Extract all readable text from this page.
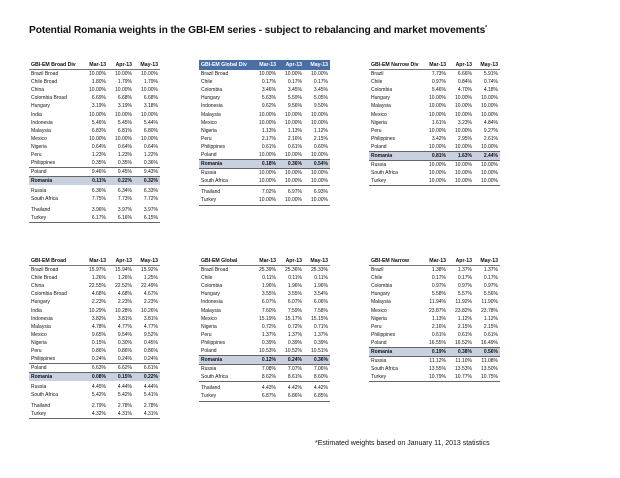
Potential Romania weights in the GBI-EM series - subject to rebalancing and market movements*
GBI-EM Broad Div	Mar-13	Apr-13	May-13
Brazil Broad	10.00%	10.00%	10.00%
Chile Broad	1.80%	1.79%	1.79%
China	10.00%	10.00%	10.00%
Colombia Broad	6.69%	6.68%	6.68%
Hungary	3.19%	3.19%	3.18%
India	10.00%	10.00%	10.00%
Indonesia	5.46%	5.45%	5.44%
Malaysia	6.83%	6.81%	6.80%
Mexico	10.00%	10.00%	10.00%
Nigeria	0.64%	0.64%	0.64%
Peru	1.23%	1.23%	1.22%
Philippines	0.35%	0.35%	0.36%
Poland	9.46%	9.45%	9.43%
Romania	0.11%	0.22%	0.32%
Russia	6.36%	6.34%	6.33%
South Africa	7.75%	7.73%	7.72%
Thailand	3.96%	3.97%	3.97%
Turkey	6.17%	6.16%	6.15%
GBI-EM Global Div	Mar-13	Apr-13	May-13
Brazil Broad	10.00%	10.00%	10.00%
Chile	0.17%	0.17%	0.17%
Colombia	3.46%	3.45%	3.45%
Hungary	5.63%	5.59%	5.05%
Indonesia	9.62%	9.56%	9.50%
Malaysia	10.00%	10.00%	10.00%
Mexico	10.00%	10.00%	10.00%
Nigeria	1.13%	1.13%	1.12%
Peru	2.17%	2.16%	2.15%
Philippines	0.61%	0.61%	0.60%
Poland	10.00%	10.00%	10.00%
Romania	0.18%	0.36%	0.54%
Russia	10.00%	10.00%	10.00%
South Africa	10.00%	10.00%	10.00%
Thailand	7.02%	6.97%	6.93%
Turkey	10.00%	10.00%	10.00%
GBI-EM Narrow Div	Mar-13	Apr-13	May-13
Brazil	7.73%	6.66%	5.91%
Chile	0.97%	0.84%	0.74%
Colombia	5.46%	4.70%	4.18%
Hungary	10.00%	10.00%	10.00%
Malaysia	10.00%	10.00%	10.00%
Mexico	10.00%	10.00%	10.00%
Nigeria	1.61%	3.23%	4.84%
Peru	10.00%	10.00%	9.27%
Philippines	3.42%	2.95%	2.61%
Poland	10.00%	10.00%	10.00%
Romania	0.81%	1.63%	2.44%
Russia	10.00%	10.00%	10.00%
South Africa	10.00%	10.00%	10.00%
Turkey	10.00%	10.00%	10.00%
GBI-EM Broad	Mar-13	Apr-13	May-13
Brazil Broad	15.97%	15.94%	15.92%
Chile Broad	1.26%	1.26%	1.25%
China	22.55%	22.52%	22.49%
Colombia Broad	4.68%	4.68%	4.67%
Hungary	2.23%	2.23%	2.23%
India	10.29%	10.28%	10.26%
Indonesia	3.82%	3.81%	3.81%
Malaysia	4.78%	4.77%	4.77%
Mexico	9.65%	9.54%	9.52%
Nigeria	0.15%	0.30%	0.45%
Peru	0.86%	0.86%	0.86%
Philippines	0.24%	0.24%	0.24%
Poland	6.63%	6.62%	6.61%
Romania	0.08%	0.15%	0.22%
Russia	4.45%	4.44%	4.44%
South Africa	5.42%	5.42%	5.41%
Thailand	2.79%	2.78%	2.78%
Turkey	4.32%	4.31%	4.31%
GBI-EM Global	Mar-13	Apr-13	May-13
Brazil Broad	25.39%	25.36%	25.33%
Chile	0.11%	0.11%	0.11%
Colombia	1.96%	1.96%	1.96%
Hungary	3.55%	3.55%	3.54%
Indonesia	6.07%	6.07%	6.06%
Malaysia	7.60%	7.59%	7.58%
Mexico	15.19%	15.17%	15.15%
Nigeria	0.72%	0.72%	0.71%
Peru	1.37%	1.37%	1.37%
Philippines	0.39%	0.39%	0.39%
Poland	10.53%	10.52%	10.51%
Romania	0.12%	0.24%	0.36%
Russia	7.08%	7.07%	7.06%
South Africa	8.62%	8.61%	8.60%
Thailand	4.43%	4.42%	4.42%
Turkey	6.87%	6.86%	6.85%
GBI-EM Narrow	Mar-13	Apr-13	May-13
Brazil	1.38%	1.37%	1.37%
Chile	0.17%	0.17%	0.17%
Colombia	0.97%	0.97%	0.97%
Hungary	5.58%	5.57%	5.56%
Malaysia	11.94%	11.92%	11.90%
Mexico	23.87%	23.82%	23.78%
Nigeria	1.13%	1.12%	1.12%
Peru	2.16%	2.15%	2.15%
Philippines	0.61%	0.61%	0.61%
Poland	16.55%	16.52%	16.49%
Romania	0.19%	0.38%	0.56%
Russia	11.12%	11.10%	11.08%
South Africa	13.55%	13.53%	13.50%
Turkey	10.79%	10.77%	10.75%
*Estimated weights based on January 11, 2013 statistics
